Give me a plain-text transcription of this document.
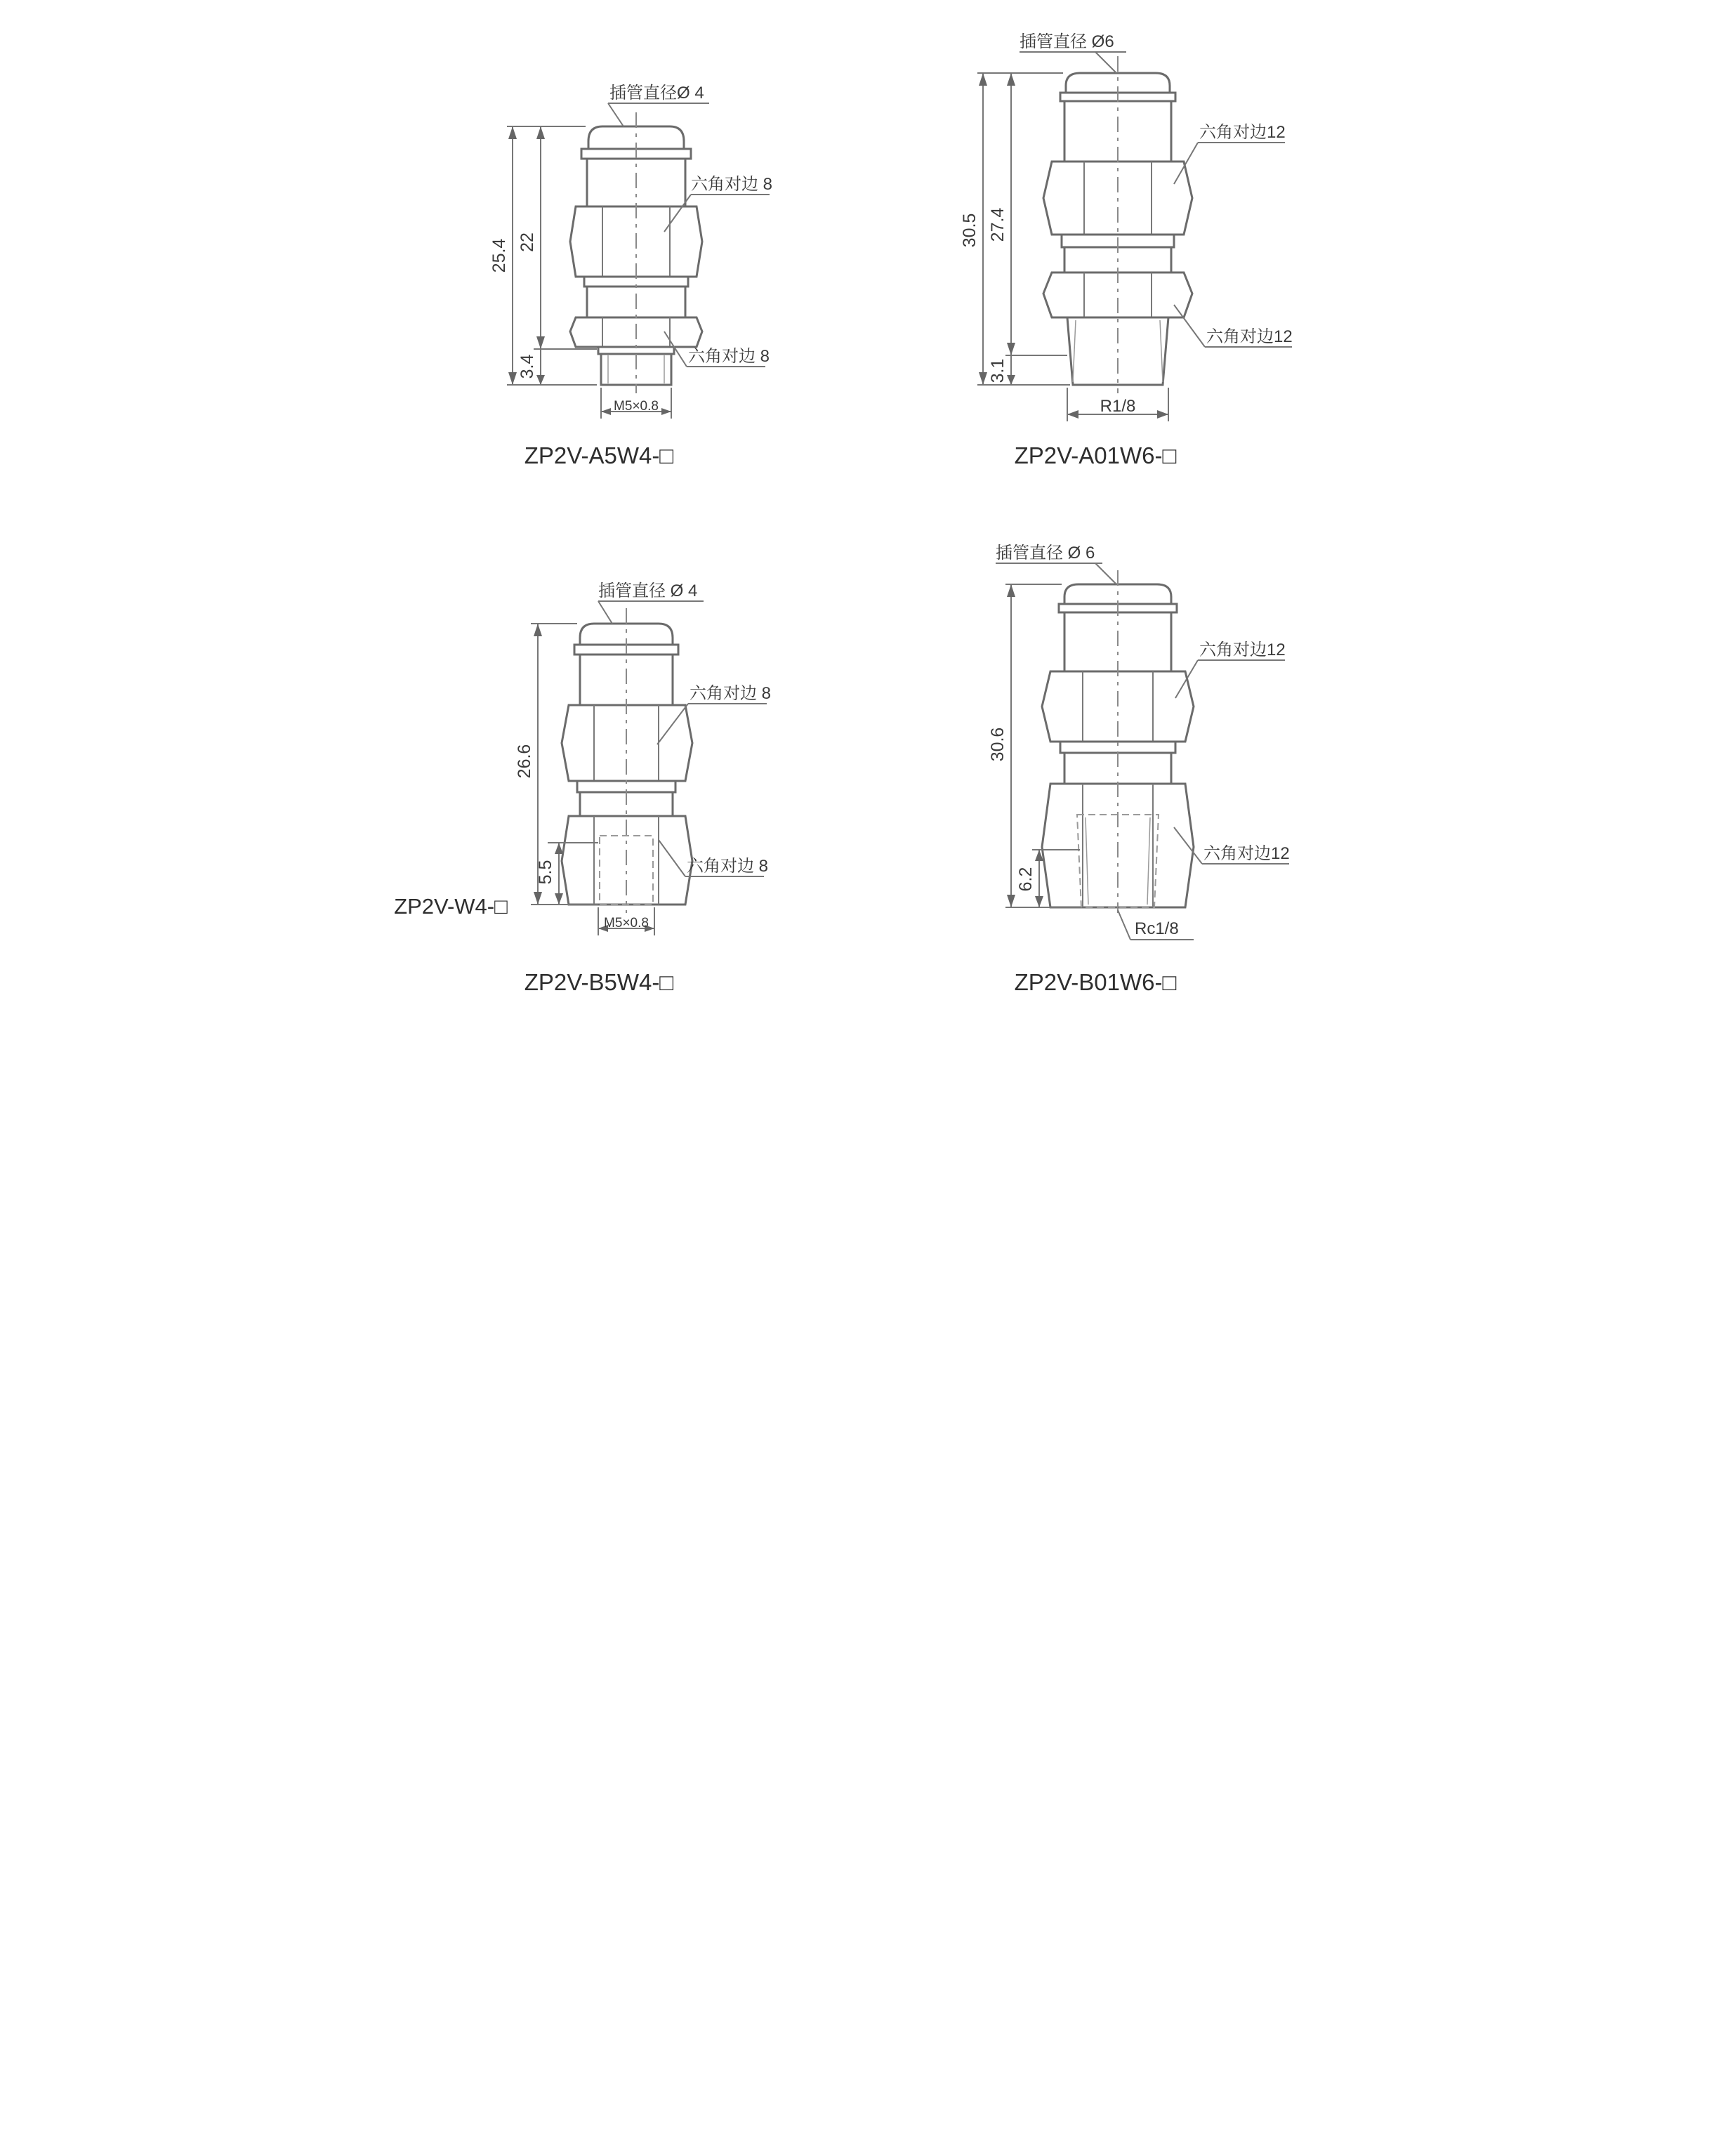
25.4 22
3.4
M5×0.8
插管直径Ø 4
六角对边 8
六角对边 8
ZP2V-A5W4-□
30.5 27.4
3.1
R1/8
插管直径 Ø6
六角对边12
六角对边12
ZP2V-A01W6-□
26.6
5.5
M5×0.8
插管直径 Ø 4
六角对边 8
六角对边 8
ZP2V-W4-□
ZP2V-B5W4-□
30.6
6.2
Rc1/8
插管直径 Ø 6
六角对边12
六角对边12
ZP2V-B01W6-□
